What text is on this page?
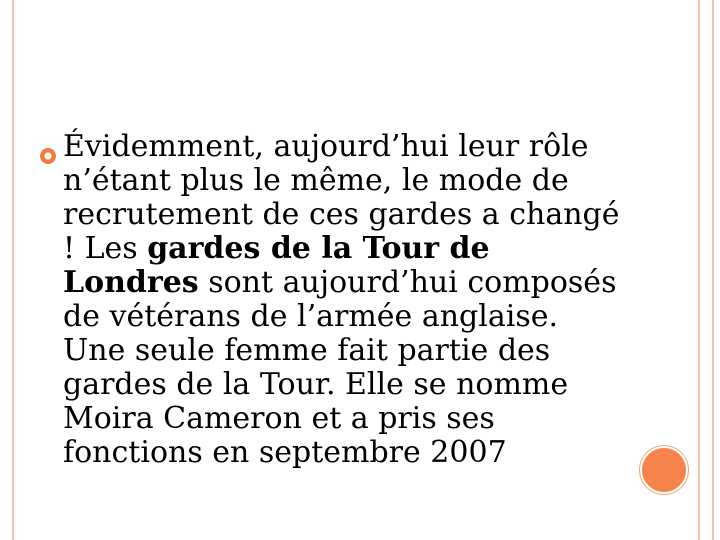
Évidemment, aujourd’hui leur rôle n’étant plus le même, le mode de recrutement de ces gardes a changé ! Les gardes de la Tour de Londres sont aujourd’hui composés de vétérans de l’armée anglaise. Une seule femme fait partie des gardes de la Tour. Elle se nomme Moira Cameron et a pris ses fonctions en septembre 2007
